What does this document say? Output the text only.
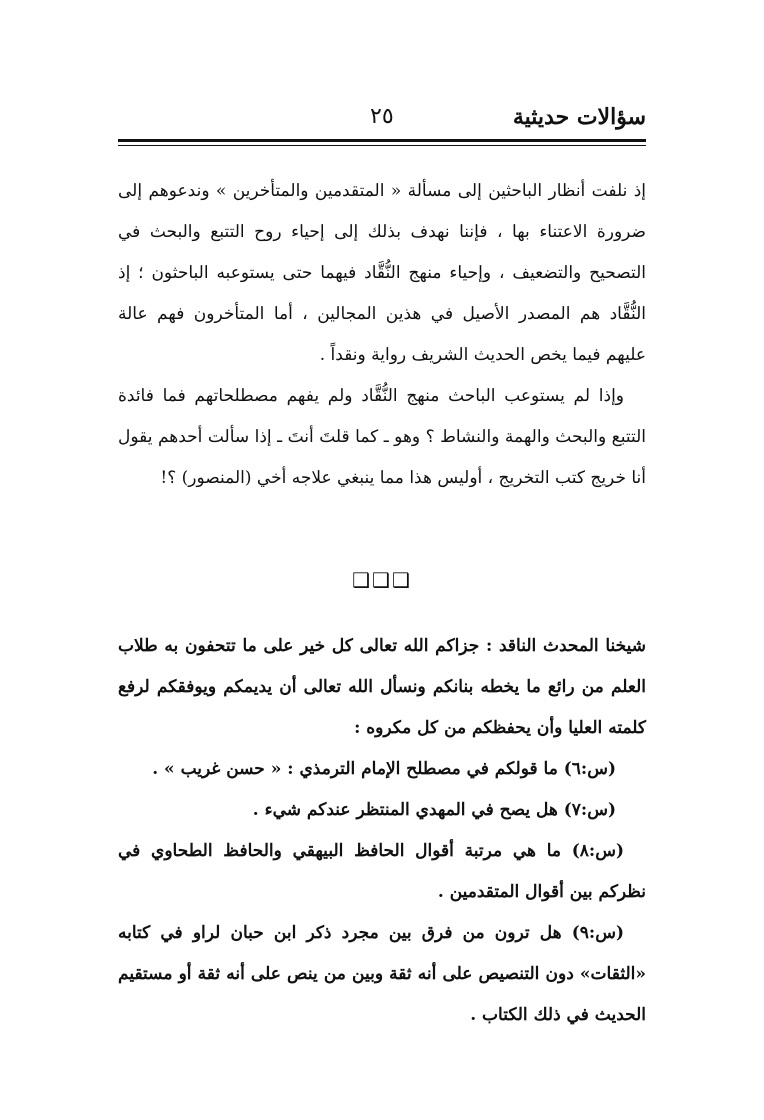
سؤالات حديثية
٢٥

إذ نلفت أنظار الباحثين إلى مسألة « المتقدمين والمتأخرين » وندعوهم إلى ضرورة الاعتناء بها ، فإننا نهدف بذلك إلى إحياء روح التتبع والبحث في التصحيح والتضعيف ، وإحياء منهج النُّقَّاد فيهما حتى يستوعبه الباحثون ؛ إذ النُّقَّاد هم المصدر الأصيل في هذين المجالين ، أما المتأخرون فهم عالة عليهم فيما يخص الحديث الشريف رواية ونقداً .

وإذا لم يستوعب الباحث منهج النُّقَّاد ولم يفهم مصطلحاتهم فما فائدة التتبع والبحث والهمة والنشاط ؟ وهو ـ كما قلتَ أنتَ ـ إذا سألت أحدهم يقول أنا خريج كتب التخريج ، أوليس هذا مما ينبغي علاجه أخي (المنصور) ؟!

❑❑❑

شيخنا المحدث الناقد : جزاكم الله تعالى كل خير على ما تتحفون به طلاب العلم من رائع ما يخطه بنانكم ونسأل الله تعالى أن يديمكم ويوفقكم لرفع كلمته العليا وأن يحفظكم من كل مكروه :

(س:٦) ما قولكم في مصطلح الإمام الترمذي : « حسن غريب » .

(س:٧) هل يصح في المهدي المنتظر عندكم شيء .

(س:٨) ما هي مرتبة أقوال الحافظ البيهقي والحافظ الطحاوي في نظركم بين أقوال المتقدمين .

(س:٩) هل ترون من فرق بين مجرد ذكر ابن حبان لراو في كتابه «الثقات» دون التنصيص على أنه ثقة وبين من ينص على أنه ثقة أو مستقيم الحديث في ذلك الكتاب .
